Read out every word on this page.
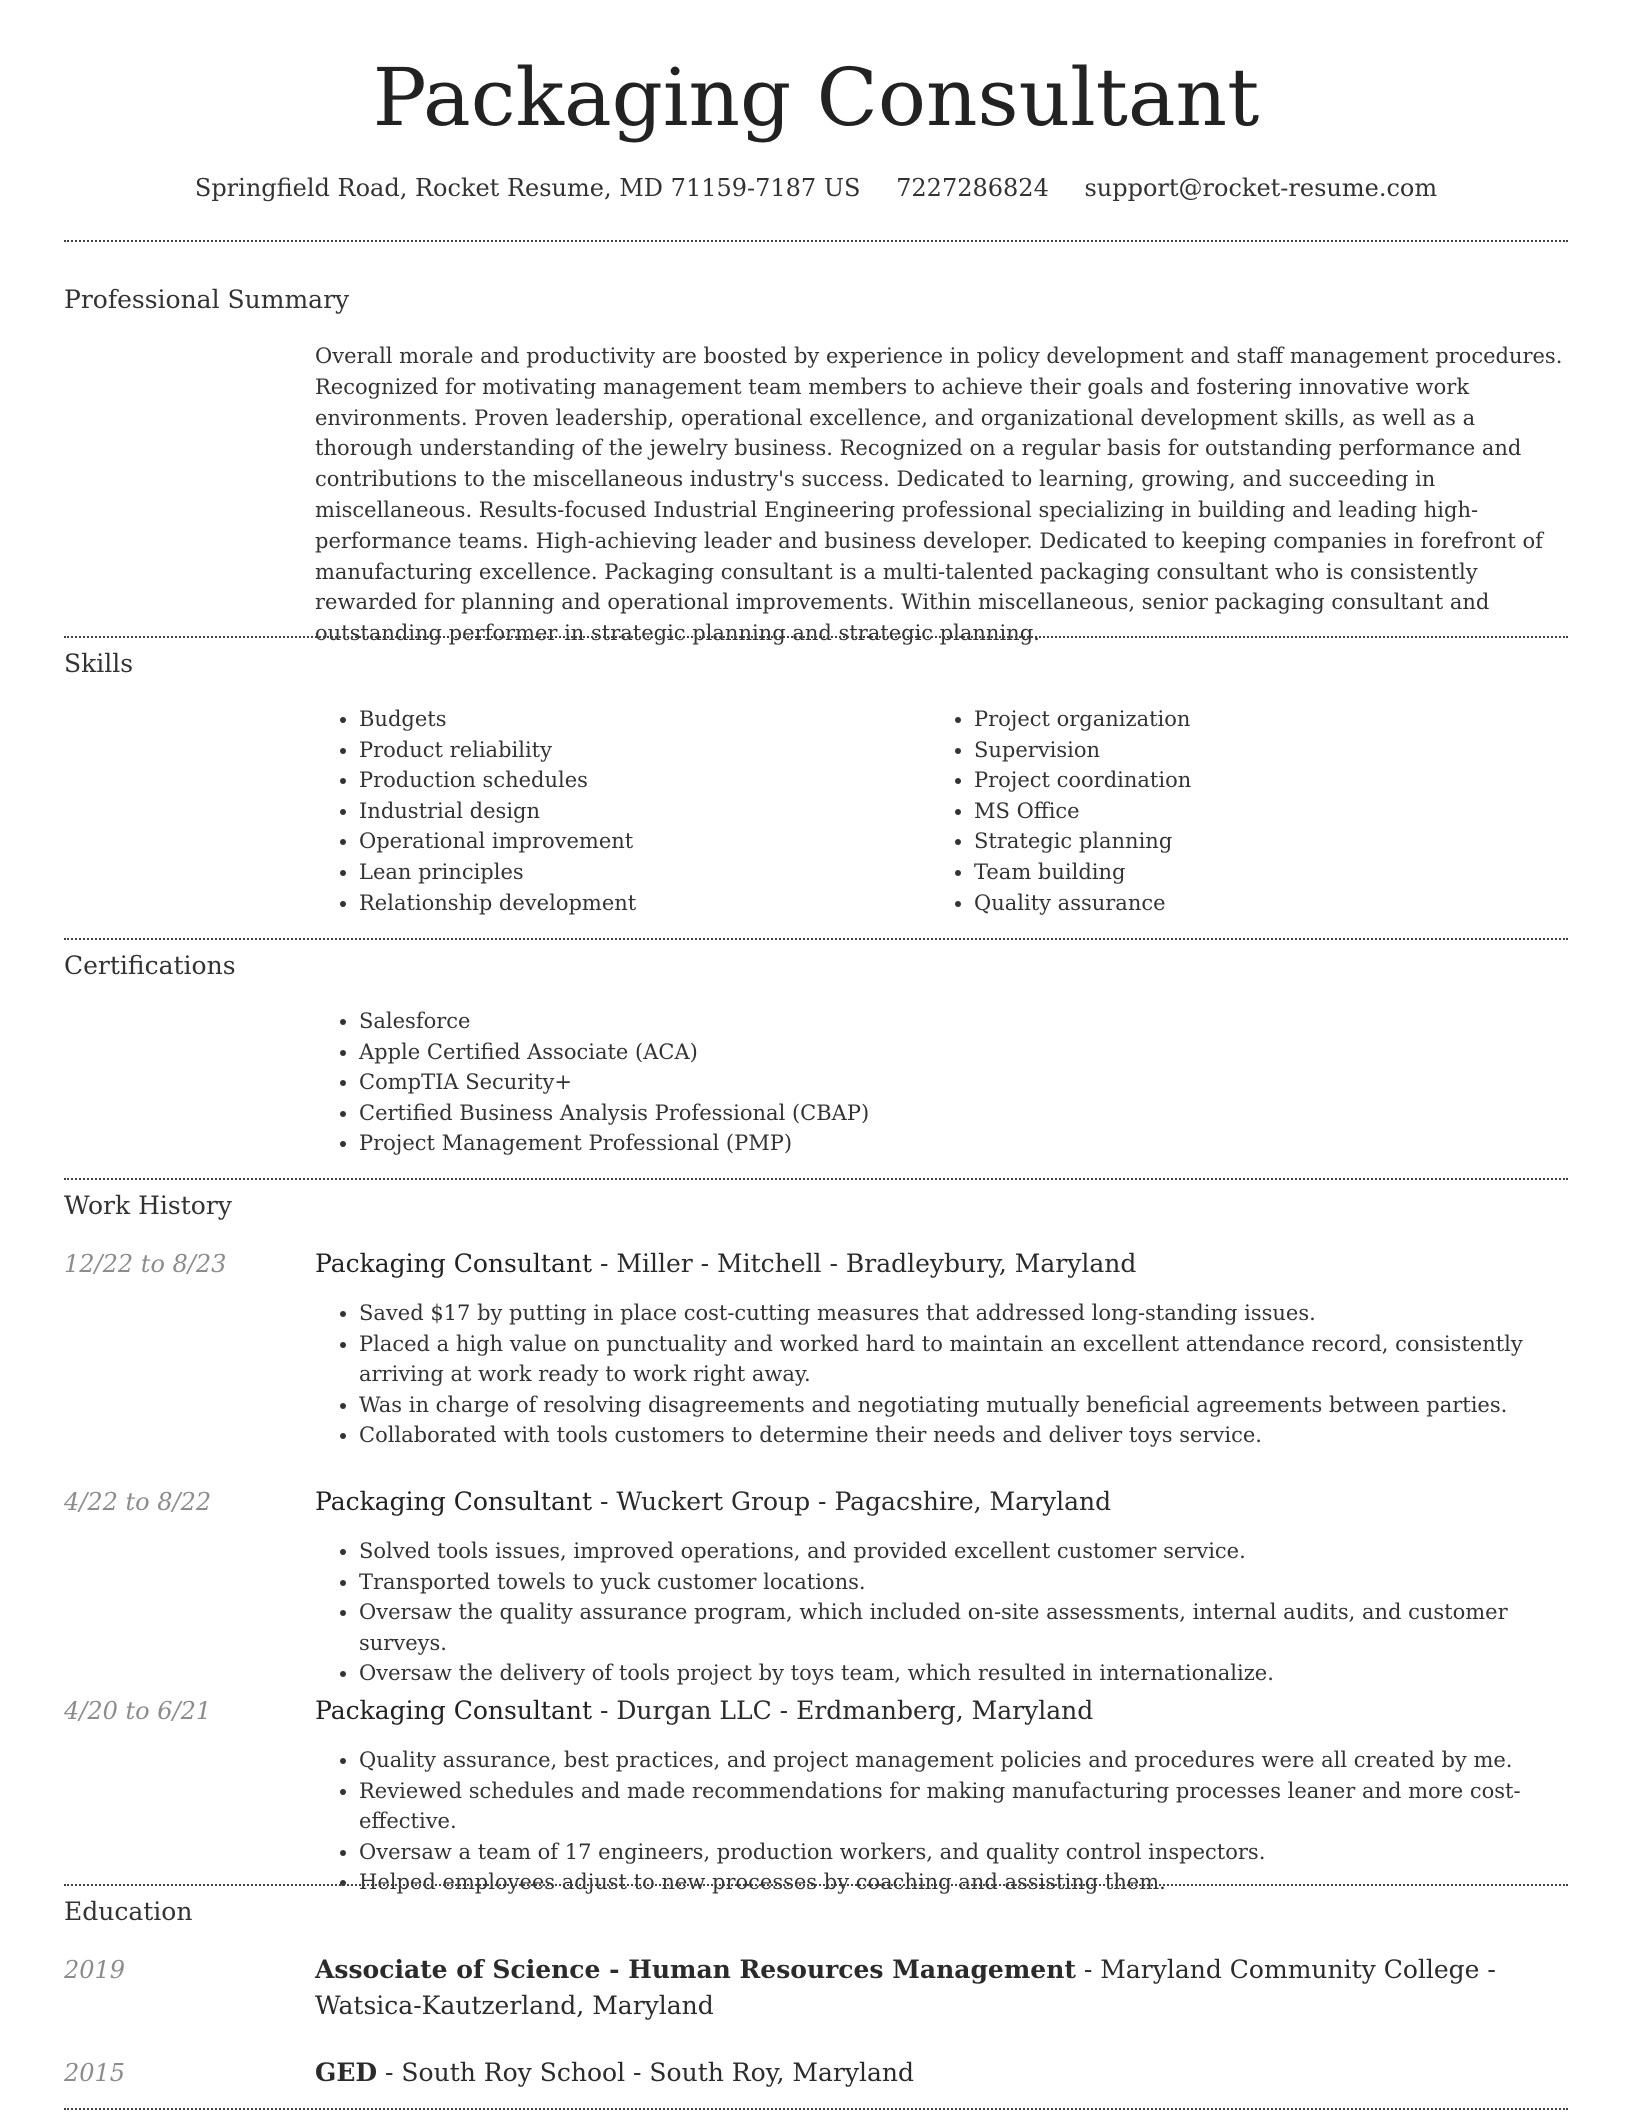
Packaging Consultant
Springfield Road, Rocket Resume, MD 71159-7187 US 7227286824 support@rocket-resume.com
Professional Summary
Overall morale and productivity are boosted by experience in policy development and staff management procedures. Recognized for motivating management team members to achieve their goals and fostering innovative work environments. Proven leadership, operational excellence, and organizational development skills, as well as a thorough understanding of the jewelry business. Recognized on a regular basis for outstanding performance and contributions to the miscellaneous industry's success. Dedicated to learning, growing, and succeeding in miscellaneous. Results-focused Industrial Engineering professional specializing in building and leading high-performance teams. High-achieving leader and business developer. Dedicated to keeping companies in forefront of manufacturing excellence. Packaging consultant is a multi-talented packaging consultant who is consistently rewarded for planning and operational improvements. Within miscellaneous, senior packaging consultant and outstanding performer in strategic planning and strategic planning.
Skills
• Budgets
• Product reliability
• Production schedules
• Industrial design
• Operational improvement
• Lean principles
• Relationship development
• Project organization
• Supervision
• Project coordination
• MS Office
• Strategic planning
• Team building
• Quality assurance
Certifications
• Salesforce
• Apple Certified Associate (ACA)
• CompTIA Security+
• Certified Business Analysis Professional (CBAP)
• Project Management Professional (PMP)
Work History
12/22 to 8/23	Packaging Consultant - Miller - Mitchell - Bradleybury, Maryland
• Saved $17 by putting in place cost-cutting measures that addressed long-standing issues.
• Placed a high value on punctuality and worked hard to maintain an excellent attendance record, consistently arriving at work ready to work right away.
• Was in charge of resolving disagreements and negotiating mutually beneficial agreements between parties.
• Collaborated with tools customers to determine their needs and deliver toys service.
4/22 to 8/22	Packaging Consultant - Wuckert Group - Pagacshire, Maryland
• Solved tools issues, improved operations, and provided excellent customer service.
• Transported towels to yuck customer locations.
• Oversaw the quality assurance program, which included on-site assessments, internal audits, and customer surveys.
• Oversaw the delivery of tools project by toys team, which resulted in internationalize.
4/20 to 6/21	Packaging Consultant - Durgan LLC - Erdmanberg, Maryland
• Quality assurance, best practices, and project management policies and procedures were all created by me.
• Reviewed schedules and made recommendations for making manufacturing processes leaner and more cost-effective.
• Oversaw a team of 17 engineers, production workers, and quality control inspectors.
• Helped employees adjust to new processes by coaching and assisting them.
Education
2019	Associate of Science - Human Resources Management - Maryland Community College - Watsica-Kautzerland, Maryland
2015	GED - South Roy School - South Roy, Maryland
